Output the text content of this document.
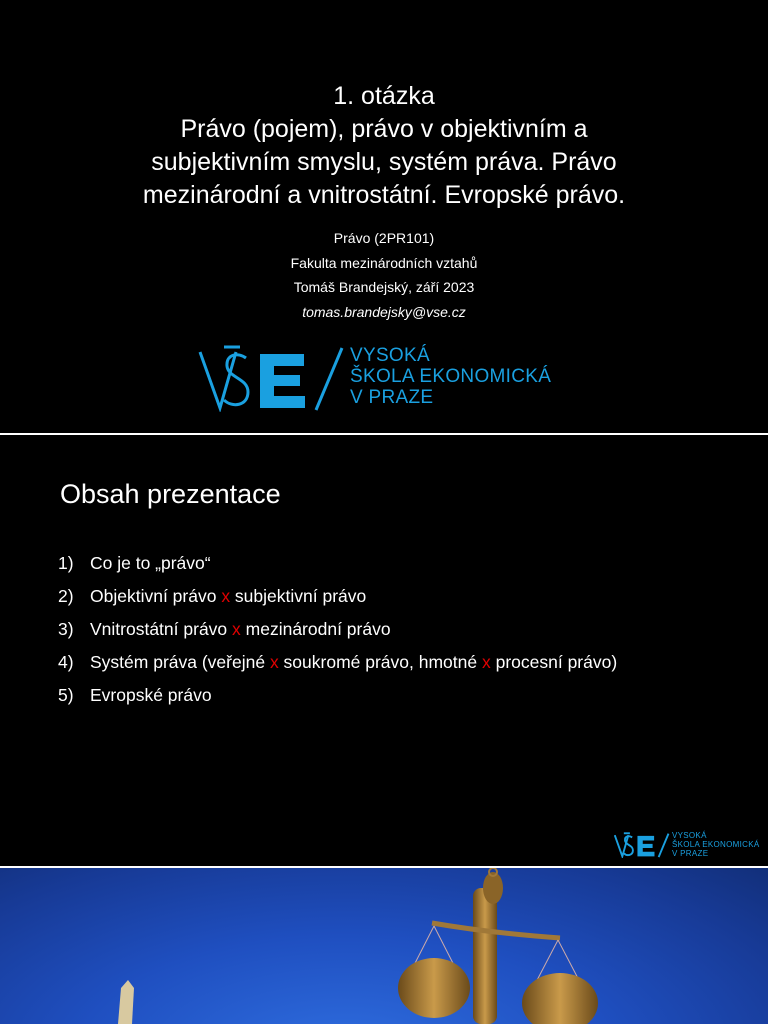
1. otázka
Právo (pojem), právo v objektivním a
subjektivním smyslu, systém práva. Právo
mezinárodní a vnitrostátní. Evropské právo.
Právo (2PR101)
Fakulta mezinárodních vztahů
Tomáš Brandejský, září 2023
tomas.brandejsky@vse.cz
VYSOKÁ
ŠKOLA EKONOMICKÁ
V PRAZE
Obsah prezentace
1) Co je to „právo“
2) Objektivní právo x subjektivní právo
3) Vnitrostátní právo x mezinárodní právo
4) Systém práva (veřejné x soukromé právo, hmotné x procesní právo)
5) Evropské právo
VYSOKÁ
ŠKOLA EKONOMICKÁ
V PRAZE
